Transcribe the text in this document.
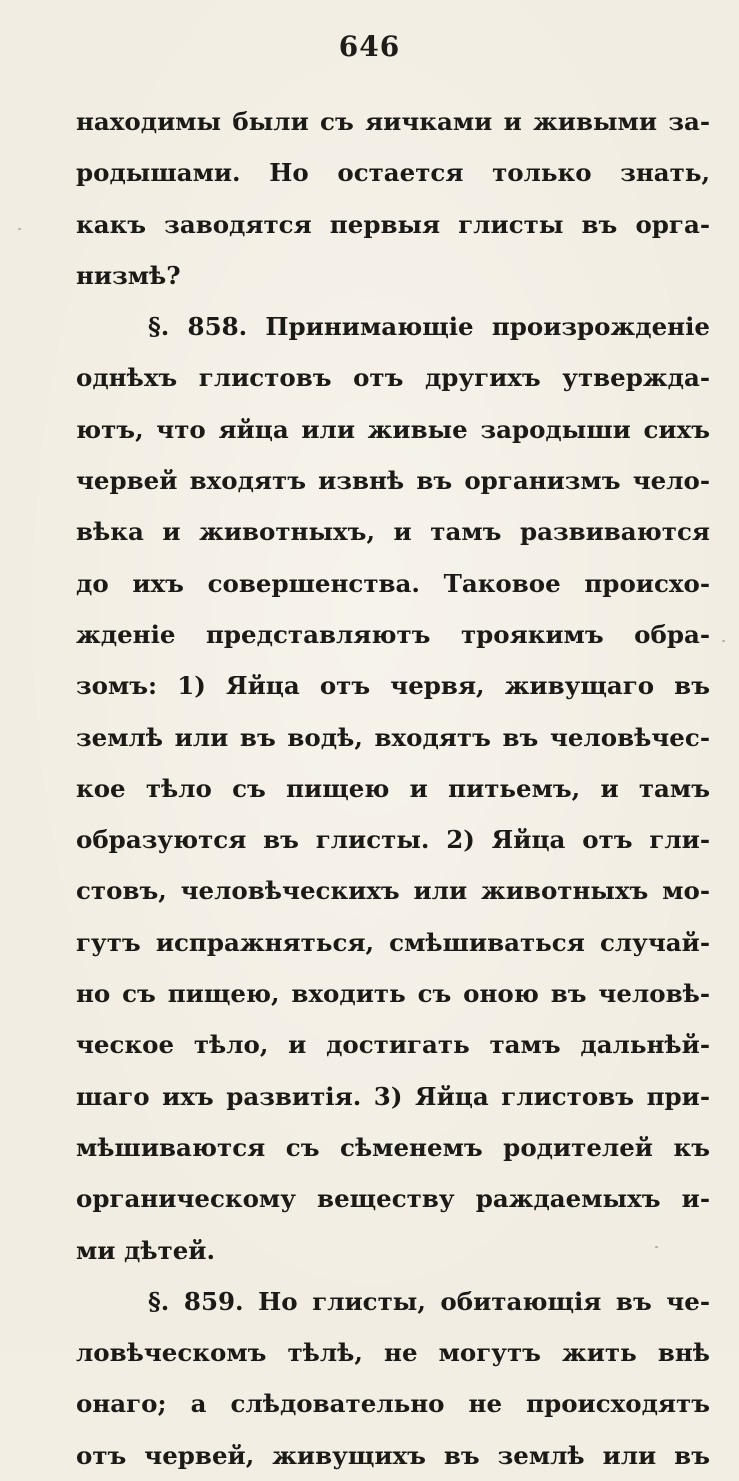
646
находимы были съ яичками и живыми за-
родышами. Но остается только знать,
какъ заводятся первыя глисты въ орга-
низмѣ?
§. 858. Принимающіе произрожденіе
однѣхъ глистовъ отъ другихъ утвержда-
ютъ, что яйца или живые зародыши сихъ
червей входятъ извнѣ въ организмъ чело-
вѣка и животныхъ, и тамъ развиваются
до ихъ совершенства. Таковое происхо-
жденіе представляютъ троякимъ обра-
зомъ: 1) Яйца отъ червя, живущаго въ
землѣ или въ водѣ, входятъ въ человѣчес-
кое тѣло съ пищею и питьемъ, и тамъ
образуются въ глисты. 2) Яйца отъ гли-
стовъ, человѣческихъ или животныхъ мо-
гутъ испражняться, смѣшиваться случай-
но съ пищею, входить съ оною въ человѣ-
ческое тѣло, и достигать тамъ дальнѣй-
шаго ихъ развитія. 3) Яйца глистовъ при-
мѣшиваются съ сѣменемъ родителей къ
органическому веществу раждаемыхъ и-
ми дѣтей.
§. 859. Но глисты, обитающія въ че-
ловѣческомъ тѣлѣ, не могутъ жить внѣ
онаго; а слѣдовательно не происходятъ
отъ червей, живущихъ въ землѣ или въ
